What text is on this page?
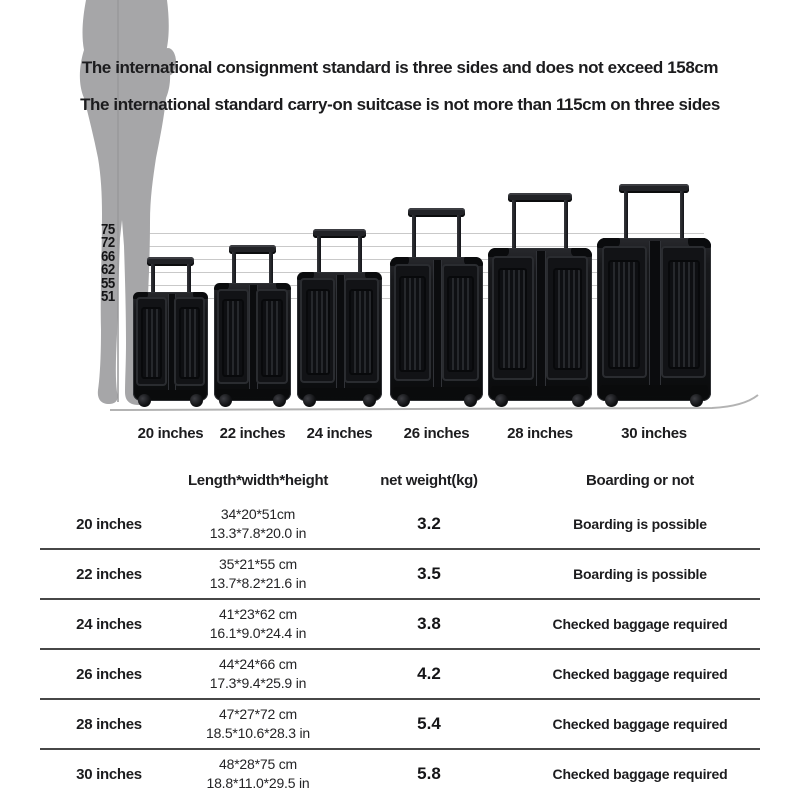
The international consignment standard is three sides and does not exceed 158cm
The international standard carry-on suitcase is not more than 115cm on three sides
75
72
66
62
55
51
Length*width*height	net weight(kg)	Boarding or not
20 inches
34*20*51cm
13.3*7.8*20.0 in	3.2	Boarding is possible
22 inches
35*21*55 cm
13.7*8.2*21.6 in	3.5	Boarding is possible
24 inches
41*23*62 cm
16.1*9.0*24.4 in	3.8	Checked baggage required
26 inches
44*24*66 cm
17.3*9.4*25.9 in	4.2	Checked baggage required
28 inches
47*27*72 cm
18.5*10.6*28.3 in	5.4	Checked baggage required
30 inches
48*28*75 cm
18.8*11.0*29.5 in	5.8	Checked baggage required
20 inches	22 inches	24 inches	26 inches	28 inches	30 inches
